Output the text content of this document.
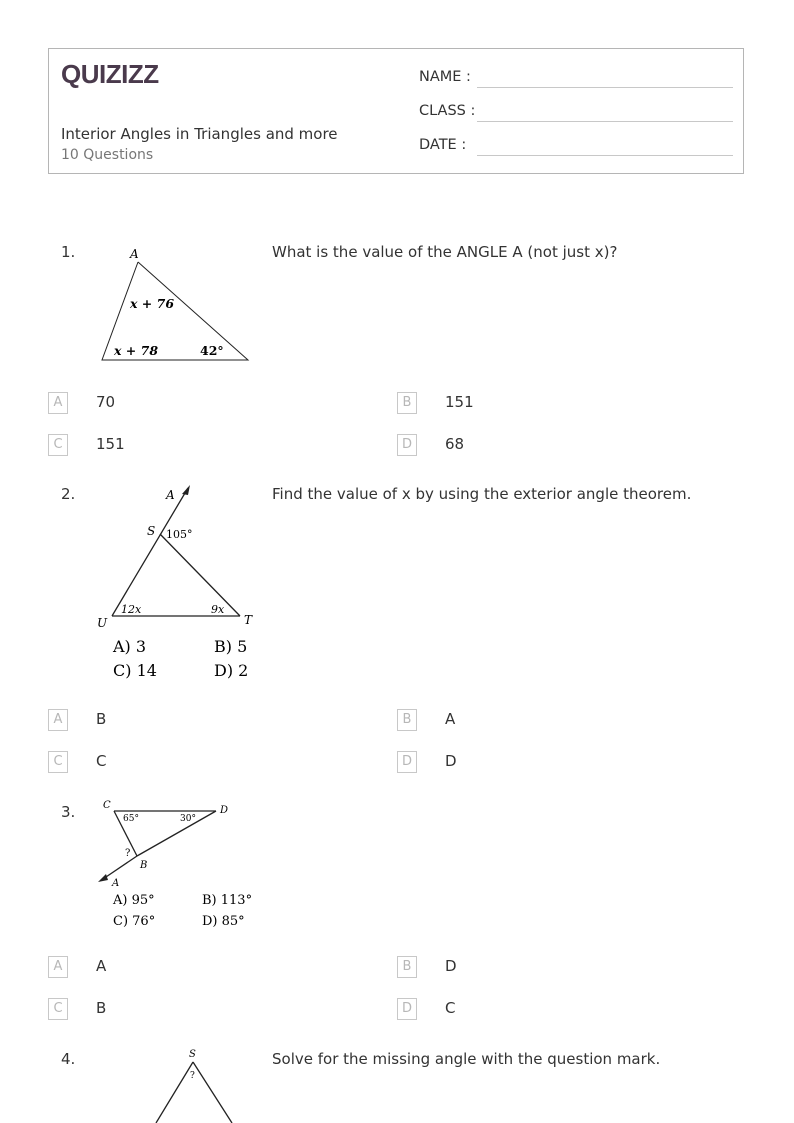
QUIZIZZ
Interior Angles in Triangles and more
10 Questions
NAME :
CLASS :
DATE :
1.	A
x + 76
x + 78	42°
What is the value of the ANGLE A (not just x)?
A	70	B	151
C	151	D	68
2.	A
S 105°
U	T
12x	9x
A) 3	B) 5
C) 14	D) 2
Find the value of x by using the exterior angle theorem.
A	B	B	A
C	C	D	D
3.	C	D
65°	30°
?
B
A
A) 95°	B) 113°
C) 76°	D) 85°
A	A	B	D
C	B	D	C
4.	S
?
Solve for the missing angle with the question mark.
